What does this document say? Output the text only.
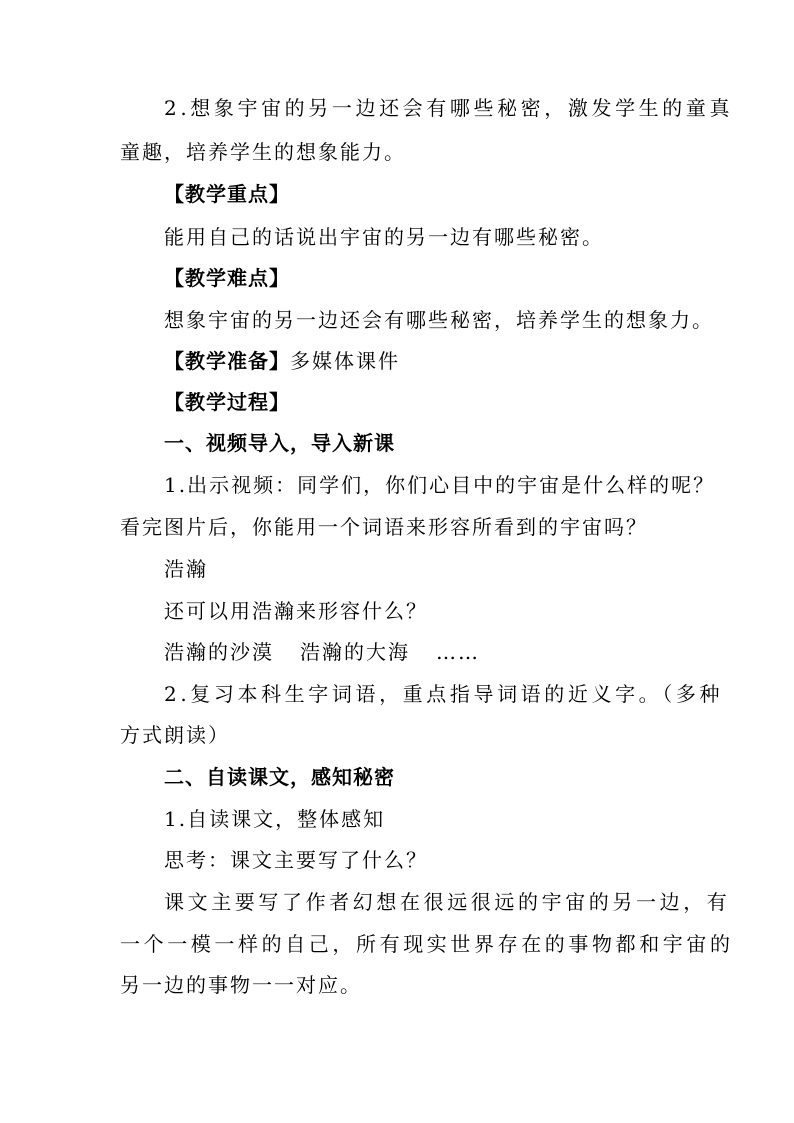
2.想象宇宙的另一边还会有哪些秘密，激发学生的童真
童趣，培养学生的想象能力。
【教学重点】
能用自己的话说出宇宙的另一边有哪些秘密。
【教学难点】
想象宇宙的另一边还会有哪些秘密，培养学生的想象力。
【教学准备】多媒体课件
【教学过程】
一、视频导入，导入新课
1.出示视频：同学们，你们心目中的宇宙是什么样的呢？
看完图片后，你能用一个词语来形容所看到的宇宙吗？
浩瀚
还可以用浩瀚来形容什么？
浩瀚的沙漠 浩瀚的大海 ……
2.复习本科生字词语，重点指导词语的近义字。（多种
方式朗读）
二、自读课文，感知秘密
1.自读课文，整体感知
思考：课文主要写了什么？
课文主要写了作者幻想在很远很远的宇宙的另一边，有
一个一模一样的自己，所有现实世界存在的事物都和宇宙的
另一边的事物一一对应。
